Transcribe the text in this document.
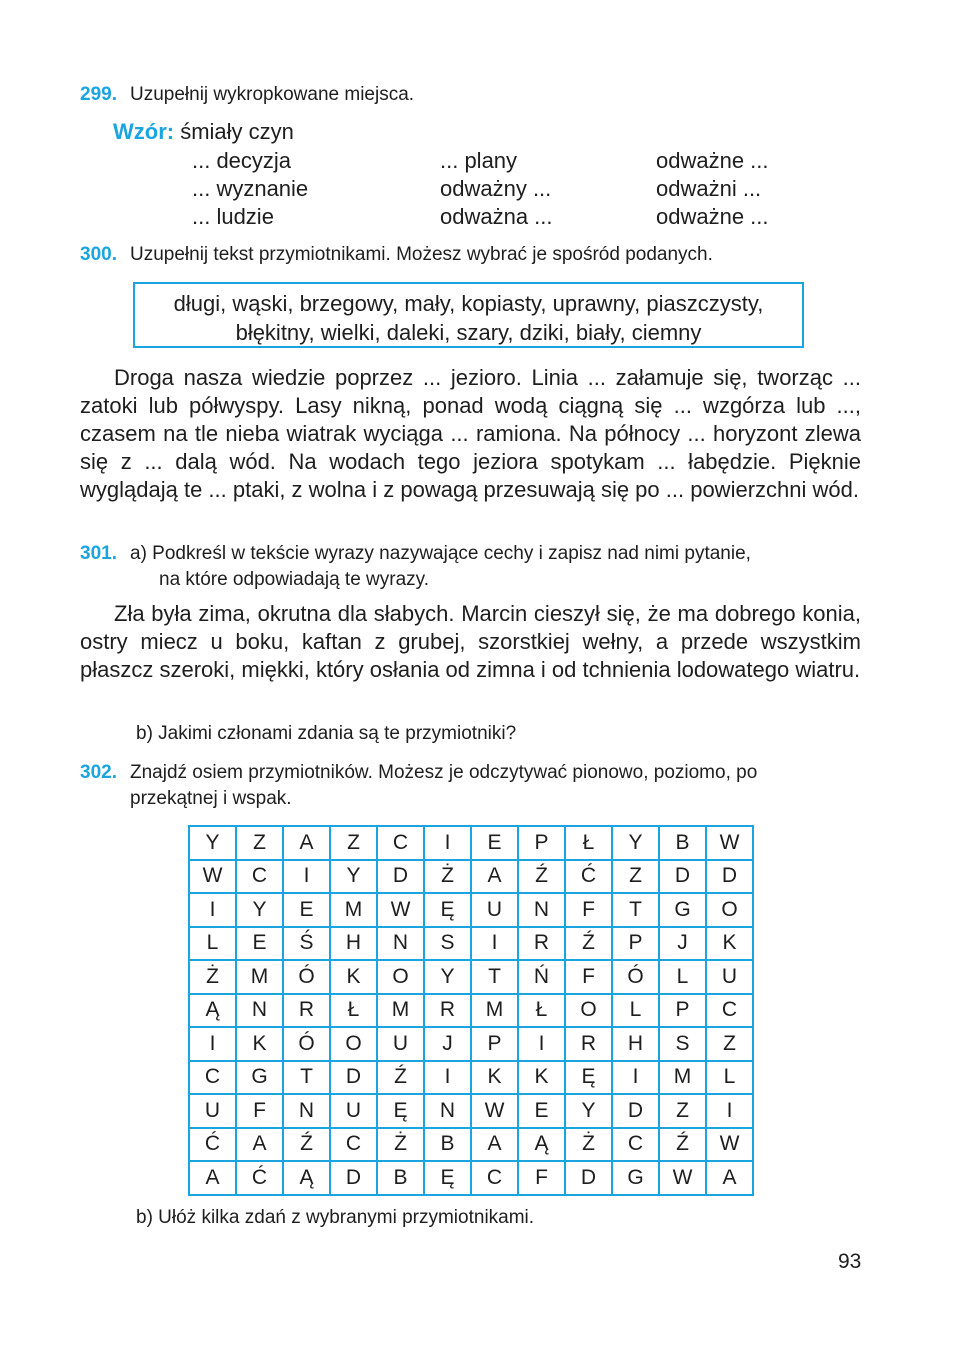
299. Uzupełnij wykropkowane miejsca.
Wzór: śmiały czyn
... decyzja	... plany	odważne ...
... wyznanie	odważny ...	odważni ...
... ludzie	odważna ...	odważne ...
300. Uzupełnij tekst przymiotnikami. Możesz wybrać je spośród podanych.
długi, wąski, brzegowy, mały, kopiasty, uprawny, piaszczysty,
błękitny, wielki, daleki, szary, dziki, biały, ciemny

Droga nasza wiedzie poprzez ... jezioro. Linia ... załamuje się, tworząc ... zatoki lub półwyspy. Lasy nikną, ponad wodą ciągną się ... wzgórza lub ..., czasem na tle nieba wiatrak wyciąga ... ramiona. Na północy ... horyzont zlewa się z ... dalą wód. Na wodach tego jeziora spotykam ... łabędzie. Pięknie wyglądają te ... ptaki, z wolna i z powagą przesuwają się po ... powierzchni wód.

301. a) Podkreśl w tekście wyrazy nazywające cechy i zapisz nad nimi pytanie,
na które odpowiadają te wyrazy.

Zła była zima, okrutna dla słabych. Marcin cieszył się, że ma dobrego konia, ostry miecz u boku, kaftan z grubej, szorstkiej wełny, a przede wszystkim płaszcz szeroki, miękki, który osłania od zimna i od tchnienia lodowatego wiatru.

b) Jakimi członami zdania są te przymiotniki?
302. Znajdź osiem przymiotników. Możesz je odczytywać pionowo, poziomo, po
przekątnej i wspak.
Y	Z	A	Z	C	I	E	P	Ł	Y	B	W
W	C	I	Y	D	Ż	A	Ź	Ć	Z	D	D
I	Y	E	M	W	Ę	U	N	F	T	G	O
L	E	Ś	H	N	S	I	R	Ź	P	J	K
Ż	M	Ó	K	O	Y	T	Ń	F	Ó	L	U
Ą	N	R	Ł	M	R	M	Ł	O	L	P	C
I	K	Ó	O	U	J	P	I	R	H	S	Z
C	G	T	D	Ź	I	K	K	Ę	I	M	L
U	F	N	U	Ę	N	W	E	Y	D	Z	I
Ć	A	Ź	C	Ż	B	A	Ą	Ż	C	Ź	W
A	Ć	Ą	D	B	Ę	C	F	D	G	W	A
b) Ułóż kilka zdań z wybranymi przymiotnikami.
93
